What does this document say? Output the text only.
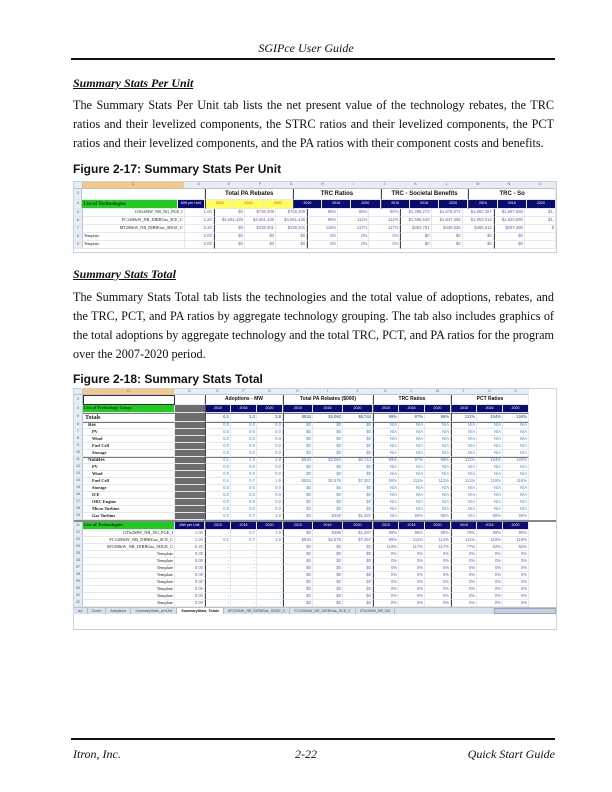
SGIPce User Guide
Summary Stats Per Unit
The Summary Stats Per Unit tab lists the net present value of the technology rebates, the TRC ratios and their levelized components, the STRC ratios and their levelized components, the PCT ratios and their levelized components, and the PA ratios with their component costs and benefits.
Figure 2-17: Summary Stats Per Unit
C	D	E	F	G	H	I	J	K	L	M	N	O
3	Total PA Rebates	TRC Ratios	TRC - Societal Benefits	TRC - So
4 List of Technologies	MW per Unit	2010	2016	2020	2010	2016	2020	2010	2016	2020	2010	2016	2020
5	GTle2MW_NR_NG_PGE_I	1.00	$0	$736,309	$736,309	88%	86%	85%	$1,398,273	$1,678,571	$1,862,367	$1,597,658	$1,
6	FC1200kW_NR_DIRBGas_SCE_C	1.20	$4,561,436	$4,561,436	$4,561,436	99%	111%	112%	$1,596,539	$1,847,365	$1,953,014	$1,620,690	$1,
7	MT200kW_NR_DIRBGas_SDGE_C	0.20	$0	$239,301	$239,301	119%	117%	117%	$362,781	$430,535	$485,512	$297,385	$
8	Template	0.00	$0	$0	$0	0%	0%	0%	$0	$0	$0	$0
9	Template	0.00	$0	$0	$0	0%	0%	0%	$0	$0	$0	$0
Summary Stats Total
The Summary Stats Total tab lists the technologies and the total value of adoptions, rebates, and the TRC, PCT, and PA ratios by aggregate technology grouping. The tab also includes graphics of the total adoptions by aggregate technology and the total TRC, PCT, and PA ratios for the program over the 2007-2020 period.
Figure 2-18: Summary Stats Total
C	D	E	F	G	H	I	J	K	L	M	T	U	V
3	Adoptions - MW	Total PA Rebates ($000)	TRC Ratios	PCT Ratios
4	List of Technology Goups	2010	2016	2020	2010	2016	2020	2010	2016	2020	2010	2016	2020
5	Totals	0.1	1.3	2.8	$534	$3,062	$8,744	99%	97%	96%	111%	104%	104%
6	Res	0.0	0.0	0.0	$0	$0	$0	N/A	N/A	N/A	N/A	N/A	N/A
7	PV	0.0	0.0	0.0	$0	$0	$0	N/A	N/A	N/A	N/A	N/A	N/A
8	Wind	0.0	0.0	0.0	$0	$0	$0	N/A	N/A	N/A	N/A	N/A	N/A
9	Fuel Cell	0.0	0.0	0.0	$0	$0	$0	N/A	N/A	N/A	N/A	N/A	N/A
10	Storage	0.0	0.0	0.0	$0	$0	$0	N/A	N/A	N/A	N/A	N/A	N/A
11	NonRes	0.1	1.3	2.8	$534	$3,062	$8,744	99%	97%	96%	111%	104%	104%
12	PV	0.0	0.0	0.0	$0	$0	$0	N/A	N/A	N/A	N/A	N/A	N/A
13	Wind	0.0	0.0	0.0	$0	$0	$0	N/A	N/A	N/A	N/A	N/A	N/A
14	Fuel Cell	0.1	0.7	1.9	$534	$2,576	$7,357	99%	111%	112%	111%	119%	119%
15	Storage	0.0	0.0	0.0	$0	$0	$0	N/A	N/A	N/A	N/A	N/A	N/A
16	ICE	0.0	0.0	0.0	$0	$0	$0	N/A	N/A	N/A	N/A	N/A	N/A
17	ORC Engine	0.0	0.0	0.0	$0	$0	$0	N/A	N/A	N/A	N/A	N/A	N/A
18	Micro Turbine	0.0	0.0	0.0	$0	$0	$0	N/A	N/A	N/A	N/A	N/A	N/A
19	Gas Turbine	0.0	0.7	1.9	$0	$486	$1,387	N/A	88%	85%	N/A	88%	90%
21 List of Technologies	MW per Unit	2010	2016	2020	2010	2016	2020	2010	2016	2020	2010	2016	2020
22	GTle2MW_NR_NG_PGE_I	1.00	-	0.7	1.9	$0	$486	$1,387	88%	86%	85%	79%	88%	90%
23	FC1200kW_NR_DIRBGas_SCE_C	1.20	0.1	0.7	1.9	$534	$2,576	$7,357	99%	111%	112%	111%	119%	119%
24	MT200kW_NR_DIRBGas_SDGE_C	0.20	-	-	-	$0	$0	$0	119%	117%	117%	77%	82%	82%
25	Template	0.00	-	-	-	$0	$0	$0	0%	0%	0%	0%	0%	0%
26	Template	0.00	-	-	-	$0	$0	$0	0%	0%	0%	0%	0%	0%
27	Template	0.00	-	-	-	$0	$0	$0	0%	0%	0%	0%	0%	0%
28	Template	0.00	-	-	-	$0	$0	$0	0%	0%	0%	0%	0%	0%
29	Template	0.00	-	-	-	$0	$0	$0	0%	0%	0%	0%	0%	0%
30	Template	0.00	-	-	-	$0	$0	$0	0%	0%	0%	0%	0%	0%
31	Template	0.00	-	-	-	$0	$0	$0	0%	0%	0%	0%	0%	0%
32	Template	0.00	-	-	-	$0	$0	$0	0%	0%	0%	0%	0%	0%
◂ ▸	Cover	Adoptions	SummaryStats_perUnit	SummaryStats_Totals	MT200kW_NR_DIRBGas_SDGE_C	FC1200kW_NR_DIRBGas_SCE_C	GTle2MW_NR_NG
Itron, Inc.	2-22	Quick Start Guide
